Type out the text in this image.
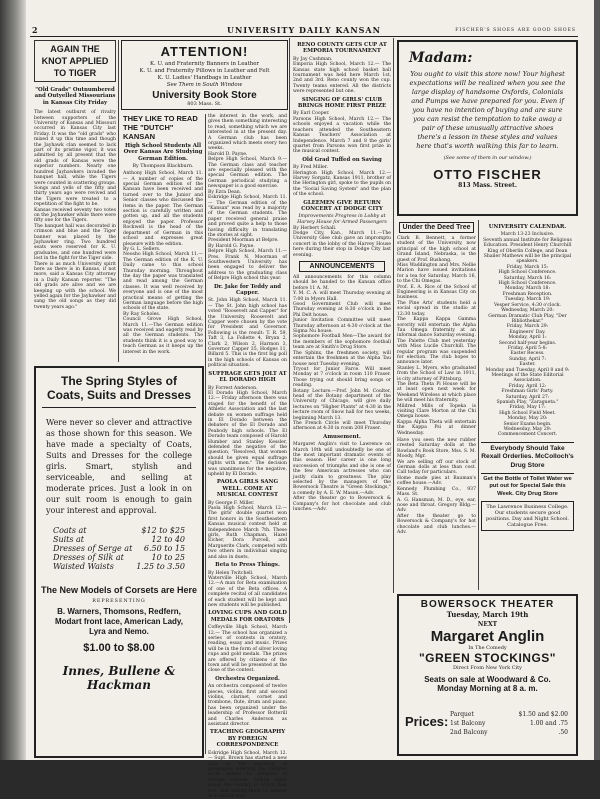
2	UNIVERSITY DAILY KANSAN	FISCHER'S SHOES ARE GOOD SHOES
AGAIN THE KNOT APPLIED TO TIGER
"Old Grads" Outnumbered and Outyelled Missourians in Kansas City Friday
The latest outburst of rivalry between supporters of the University of Kansas and Missouri occurred in Kansas City last Friday. It was the "old grads" who mixed it up this time and though the Jayhawk clan seemed to lack part of its pristine vigor, it was admitted by all present that the old grads of Kansas were the superior numbers. Nearly one hundred Jayhawkers invaded the banquet hall, while the Tigers were counted in scattering groups. Songs and yells of the fifty and thirty years ago were revived and the Tigers were treated to a repetition of the fight to be.
Kansas received seventy two votes on the Jayhawker while there were fifty one for the Tigers.
The banquet hall was decorated in crimson and blue and the Tiger banner was placed by the Jayhawker ring. Two hundred seats were reserved for K. U. graduates, and one hundred were lost in the fight for the Tiger side.
There is as much University spirit here as there is in Kansas, if not more, said a Kansas City attorney in a Daily Kansan reporter. "The old grads are alive and we are keeping up with the school. We yelled again for the Jayhawker and sang the old songs as they did twenty years ago."
ATTENTION!
K. U. and Fraternity Banners in Leather
K. U. and Fraternity Pillows in Leather and Felt
K. U. Ladies' Handbags in Leather
See Them in South Window
University Book Store
803 Mass. St.
THEY LIKE TO READ THE "DUTCH" KANSAN
High School Students All Over Kansas Are Studying German Edition.
By Thompson Blackburn.
Anthony High School, March 11.— A number of copies of the special German edition of the Kansan have been received and turned over to the Junior and Senior classes who discussed the items in the paper. The German section is carefully written and gotten up, and all the students enjoyed the paper. Professor Rockwell is the head of the department of German in this school and expresses great pleasure with the edition.
By G. L. Sellers.
Neosho High School, March 11.— The German edition of the K. U. Daily came to this school Thursday morning. Throughout the day the paper was translated and read among the German classes. It was well received by everyone and is one of the most practical means of getting the German language before the high schools of the state.
By Ray Scholes.
Council Grove High School, March 11.—The German edition was received and eagerly read by all the German students. The students think it is a good way to teach German as it keeps up the interest in the work.
the interest in the work, and gives them something interesting to read, something which we are interested in at the present day. A German club has been organized which meets every two weeks.
Harold D. Payne.
Belpre High School, March 9.—The German class and teacher are especially pleased with the special German edition. The German periodical studying a newspaper is a good exercise.
By Ezra Dean.
Eskridge High School, March 11.— The German edition of the "Kansan" was read by a majority of the German students. The paper received general praise and proved quite a help to those having difficulty in translating the stories at sight.
President Moorman at Belpre.
By Harold G. Payne.
Belpre High School, March 11.— Pres. Frank N. Moorman of Southwestern University has been engaged to deliver the address to the graduating class of Belpre High school this year.
Dr. Jake for Teddy and Capper.
St. John High School, March 11.— The St. John high school has voted "Roosevelt and Capper" for the University. Roosevelt and Capper were chosen by the vote for President and Governor. Following is the result: T. R. 59, Taft 3, La Follette 4, Bryan 2, Clark 2, Wilson 2, Harmon 3, Governor Capper 35, Hodges 11, Billard 5. This is the first big poll in the high schools of Kansas on political situation.
SUFFRAGE GETS JOLT AT EL DORADO HIGH
By Forrest Anderson.
El Dorado High School, March 12.— Friday afternoon there was staged for the benefit of the Athletic Association and the last debate on women suffrage held in El Dorado between the debaters of the El Dorado and Peabody high schools. The El Dorado team composed of Harold Humber and Stanley Kessler, defended the negative of the question, "Resolved, that women should be given equal suffrage rights with men." The decision was unanimous for the negative, upheld by El Dorado.
PAOLA GIRLS SANG WELL. COME AT MUSICAL CONTEST
By George F. Miller.
Paola High School, March 12.— The girls' double quartet won first honors in the Southeastern Kansas musical contest held at Independence March 7th. These girls, Ruth Chapman, Hazel Eicher, Dora Purcell, and Marguerite Clark, competed with two others in individual singing and also in duets.
Beta to Press Things.
By Helen Twitchell.
Waterville High School, March 12.—A man for Beta examination of one of the Beta offices. A complete recital of all candidates of each student will be kept and new students will be published.
LOVING CUPS AND GOLD MEDALS FOR ORATORS
Coffeyville High School, March 12.— The school has organized a series of contests in oratory, reading, essay and music. Prizes will be in the form of silver loving cups and gold medals. The prizes are offered by citizens of the town and will be presented at the close of the contest.
Orchestra Organized.
An orchestra composed of twelve pieces, violins, first and second violins, clarinet, cornet and trombone, flute, drum and piano, has been organized under the leadership of Professor Botterill and Charles Anderson as assistant director.
TEACHING GEOGRAPHY BY FOREIGN CORRESPONDENCE
Eskridge High School, March 12.— Supt. Brown has started a new plan in the teaching of geography, whereby the children write letters to children of foreign schools, telling them about the country in which they live, and asking them to answer in a similar way.
RENO COUNTY GETS CUP AT EMPORIA TOURNAMENT
By Jay Cushman.
Emporia High School, March 12.— The Kansas state high school basket ball tournament was held here March 1st, 2nd and 3rd. Reno county won the cup. Twenty teams entered. All the districts were represented but one.
SINGING OF GIRLS' CLUB BRINGS HOME FIRST PRIZE
By Earl Cooper.
Parsons High School, March 12.— The schools enjoyed a vacation while the teachers attended the Southeastern Kansas Teachers' Association at Independence. March 7 and 8 the girls' quartet from Parsons won first prize in the musical contest.
Old Grad Tuffed on Saving
By Fred Miller.
Herington High School, March 12.— Harvey Sorgatz, Kansas 1911, brother of the Herington girl, spoke to the pupils on the "Social Saving System" and the plan of the school.
GLEEMEN GIVE RETURN CONCERT AT DODGE CITY
Improvements Progress in Lobby at Harvey House for Armed Passengers
By Herbert Schall.
Dodge City, Kan., March 11.—The University Glee club gave an impromptu concert in the lobby of the Harvey House here during their stop in Dodge City last evening.
ANNOUNCEMENTS
All announcements for this column should be handed to the Kansan office before 11 A. M.
Y. M. C. A. will meet Thursday evening at 7:00 in Myers Hall.
Good Government Club will meet Thursday evening at 8:30 o'clock in the Phi Delt house.
Junior Invitation Committee will meet Thursday afternoon at 4:30 o'clock at the Sigma Nu house.
Sophomore Football Men—The award for the members of the sophomore football team are at Smith's Drug Store.
The Sphinx, the freshmen society, will entertain the freshmen at the Alpha Tau house next Tuesday evening.
Tryout for Junior Farce. Will meet Monday at 7 o'clock in room 110 Fraser. Those trying out should bring songs or reading.
Botany Lecture.—Prof. John M. Coulter, head of the Botany department of the University of Chicago, will give daily lectures on "Higher Plants" at 4:30 in the lecture room of Snow hall for two weeks, beginning March 13.
The French Circle will meet Thursday afternoon at 4:30 in room 208 Fraser.
Amusement.
Margaret Anglin's visit to Lawrence on March 19th will undoubtedly be one of the most important dramatic events of this season. Her career is one long succession of triumphs and she is one of the few American actresses who can justly claim to greatness. The play selected by the managers of the Bowersock Theatre is "Green Stockings," a comedy by A. E. W. Mason.—Adv.
After the theater go to Bowersock & Company's for hot chocolate and club lunches.—Adv.
The Spring Styles of
Coats, Suits and Dresses
Were never so clever and attractive as those shown for this season. We have made a specialty of Coats, Suits and Dresses for the college girls. Smart, stylish and serviceable, and selling at moderate prices. Just a look in on our suit room is enough to gain your interest and approval.
Coats at	$12 to $25
Suits at	12 to 40
Dresses of Serge at	6.50 to 15
Dresses of Silk at	10 to 25
Waisted Waists	1.25 to 3.50
The New Models of Corsets are Here
REPRESENTING
B. Warners, Thomsons, Redfern, Modart front lace, American Lady, Lyra and Nemo.
$1.00 to $8.00
Innes, Bullene & Hackman
Madam:
You ought to visit this store now! Your highest expectations will be realized when you see the large display of handsome Oxfords, Colonials and Pumps we have prepared for you. Even if you have no intention of buying and are sure you can resist the temptation to take away a pair of these unusually attractive shoes there's a lesson in these styles and values here that's worth walking this far to learn.
(See some of them in our window.)
OTTO FISCHER
813 Mass. Street.
Under the Deed Tree
Clark B. Bennett, a former student of the University, now principal of the high school at Grand Island, Nebraska, is the guest of Prof. Bushong.
Miss Waddington and Mrs. Nellie Marion have issued invitations for a tea for Saturday, March 16, to the Chi Omegas.
Prof. E. A. Rice of the School of Engineering is in Kansas City on business.
The Pine Arts' students held a social spread in the studio at 12:30 today.
The Kappa Kappa Gamma sorority will entertain the Alpha Tau Omega fraternity at an informal dance Saturday evening.
The Palette Club met yesterday with Miss Lucile Churchill. The regular program was suspended for election. The club hopes to announce later.
Stanley L. Myers, who graduated from the School of Law in 1911, is city attorney of Pittsburg.
The Beta Theta Pi House will be at least open next week for Weekend Wireless at which place he will meet his fraternity.
Mildred Mills of Topeka is visiting Clare Morton at the Chi Omega house.
Kappa Alpha Theta will entertain the Kappa Psi at dinner Wednesday.
Have you seen the new rubber crested Saturday dolls at the Rowland's Book Store, Mss. S. M. Moody, Mgr.
We are selling off our stock of German dolls at less than cost. Call today for particulars.
Home made pies at Bauman's coffee house.—Adv.
Kennedy Plumbing Co., 937 Mass. St.
A. G. Hansman, M. D., eye, ear, nose and throat. Gregory Bldg.—Adv.
After the theater go to Bowersock & Company's for hot chocolate and club lunches.—Adv.
UNIVERSITY CALENDAR.
March 13-23 Inclusive.
Seventh annual Institute for Religious Education. President Henry Churchill King of Oberlin College, and Dean Shailer Mathews will be the principal speakers.
Friday, March 15:
High School Conference.
Saturday, March 16:
High School Conference.
Monday, March 18:
Freshman Reception.
Tuesday, March 19:
Vesper Service, 4:30 o'clock.
Wednesday, March 20:
German Dramatic Club Play, "Der Bibliothekar."
Friday, March 29:
Engineers' Day.
Monday, April 1:
Second half-year begins.
Friday, April 5-8:
Easter Recess.
Sunday, April 7:
Easter.
Monday and Tuesday, April 8 and 9:
Meetings of the State Editorial Association.
Friday, April 12:
Freshman Girls' Party.
Saturday, April 27:
Spanish Play, "Zaragueta."
Friday, May 17:
High School Field Meet.
Monday, May 20:
Senior Exams begin.
Wednesday, May 29:
Commencement Concert.
Everybody Should Take Rexall Orderlies. McColloch's Drug Store
Get the Bottle of Toilet Water we put out for Special Sale this Week. City Drug Store
The Lawrence Business College. Our students secure good positions. Day and Night School. Catalogue Free.
BOWERSOCK THEATER
Tuesday, March 19th
NEXT
Margaret Anglin
In The Comedy
"GREEN STOCKINGS"
Direct From New York City
Seats on sale at Woodward & Co.
Monday Morning at 8 a. m.
Prices: Parquet	$1.50 and $2.00
1st Balcony	1.00 and .75
2nd Balcony	.50
